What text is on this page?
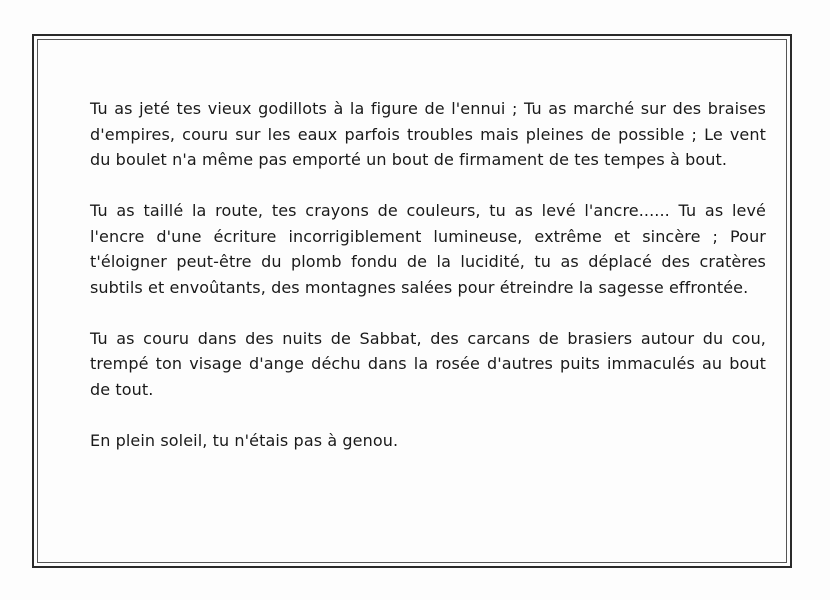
Tu as jeté tes vieux godillots à la figure de l'ennui ; Tu as marché sur des braises d'empires, couru sur les eaux parfois troubles mais pleines de possible ; Le vent du boulet n'a même pas emporté un bout de firmament de tes tempes à bout.

Tu as taillé la route, tes crayons de couleurs, tu as levé l'ancre...... Tu as levé l'encre d'une écriture incorrigiblement lumineuse, extrême et sincère ; Pour t'éloigner peut-être du plomb fondu de la lucidité, tu as déplacé des cratères subtils et envoûtants, des montagnes salées pour étreindre la sagesse effrontée.

Tu as couru dans des nuits de Sabbat, des carcans de brasiers autour du cou, trempé ton visage d'ange déchu dans la rosée d'autres puits immaculés au bout de tout.

En plein soleil, tu n'étais pas à genou.
